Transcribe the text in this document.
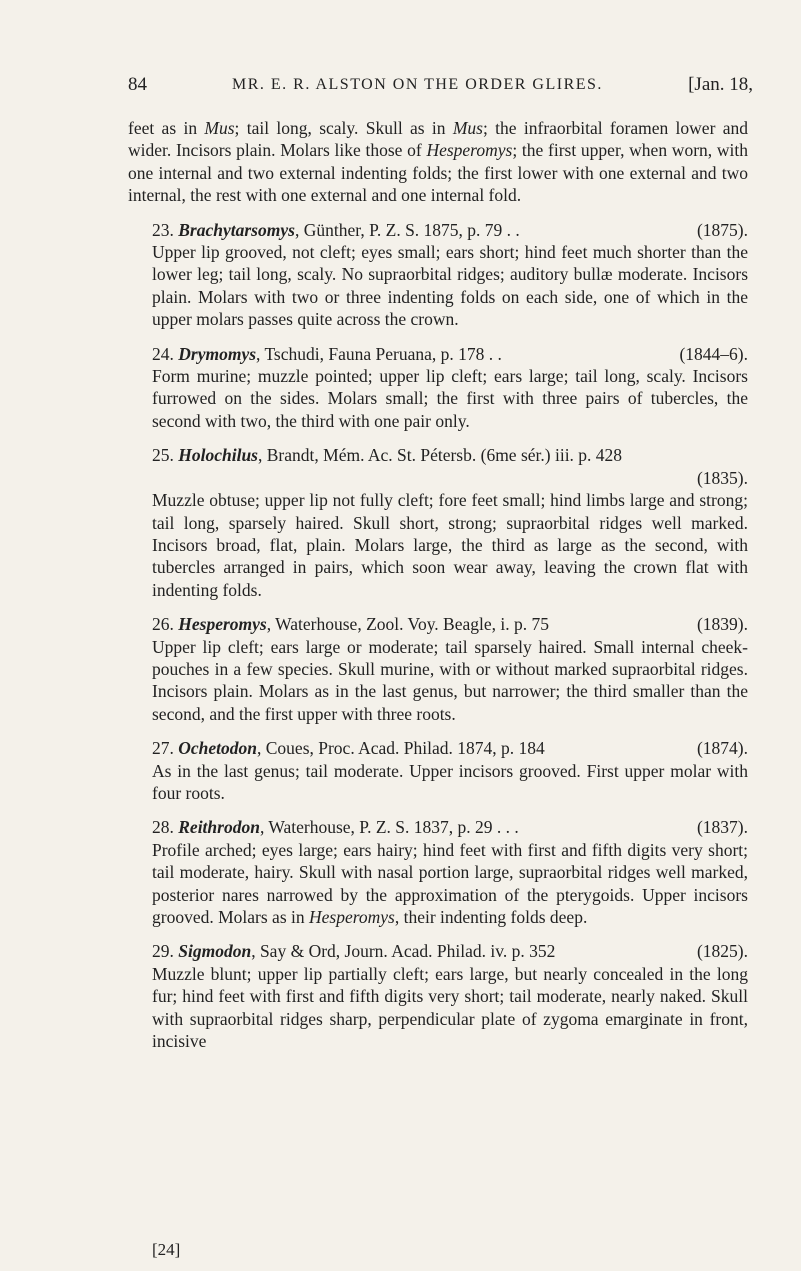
84	MR. E. R. ALSTON ON THE ORDER GLIRES.	[Jan. 18,

feet as in Mus; tail long, scaly. Skull as in Mus; the infraorbital foramen lower and wider. Incisors plain. Molars like those of Hesperomys; the first upper, when worn, with one internal and two external indenting folds; the first lower with one external and two internal, the rest with one external and one internal fold.

23. Brachytarsomys, Günther, P. Z. S. 1875, p. 79 . .	(1875).
Upper lip grooved, not cleft; eyes small; ears short; hind feet much shorter than the lower leg; tail long, scaly. No supraorbital ridges; auditory bullæ moderate. Incisors plain. Molars with two or three indenting folds on each side, one of which in the upper molars passes quite across the crown.
24. Drymomys, Tschudi, Fauna Peruana, p. 178 . .	(1844–6).
Form murine; muzzle pointed; upper lip cleft; ears large; tail long, scaly. Incisors furrowed on the sides. Molars small; the first with three pairs of tubercles, the second with two, the third with one pair only.
25. Holochilus, Brandt, Mém. Ac. St. Pétersb. (6me sér.) iii. p. 428

(1835).
Muzzle obtuse; upper lip not fully cleft; fore feet small; hind limbs large and strong; tail long, sparsely haired. Skull short, strong; supraorbital ridges well marked. Incisors broad, flat, plain. Molars large, the third as large as the second, with tubercles arranged in pairs, which soon wear away, leaving the crown flat with indenting folds.
26. Hesperomys, Waterhouse, Zool. Voy. Beagle, i. p. 75	(1839).
Upper lip cleft; ears large or moderate; tail sparsely haired. Small internal cheek-pouches in a few species. Skull murine, with or without marked supraorbital ridges. Incisors plain. Molars as in the last genus, but narrower; the third smaller than the second, and the first upper with three roots.
27. Ochetodon, Coues, Proc. Acad. Philad. 1874, p. 184	(1874).
As in the last genus; tail moderate. Upper incisors grooved. First upper molar with four roots.
28. Reithrodon, Waterhouse, P. Z. S. 1837, p. 29 . . .	(1837).
Profile arched; eyes large; ears hairy; hind feet with first and fifth digits very short; tail moderate, hairy. Skull with nasal portion large, supraorbital ridges well marked, posterior nares narrowed by the approximation of the pterygoids. Upper incisors grooved. Molars as in Hesperomys, their indenting folds deep.
29. Sigmodon, Say & Ord, Journ. Acad. Philad. iv. p. 352	(1825).
Muzzle blunt; upper lip partially cleft; ears large, but nearly concealed in the long fur; hind feet with first and fifth digits very short; tail moderate, nearly naked. Skull with supraorbital ridges sharp, perpendicular plate of zygoma emarginate in front, incisive
[24]
